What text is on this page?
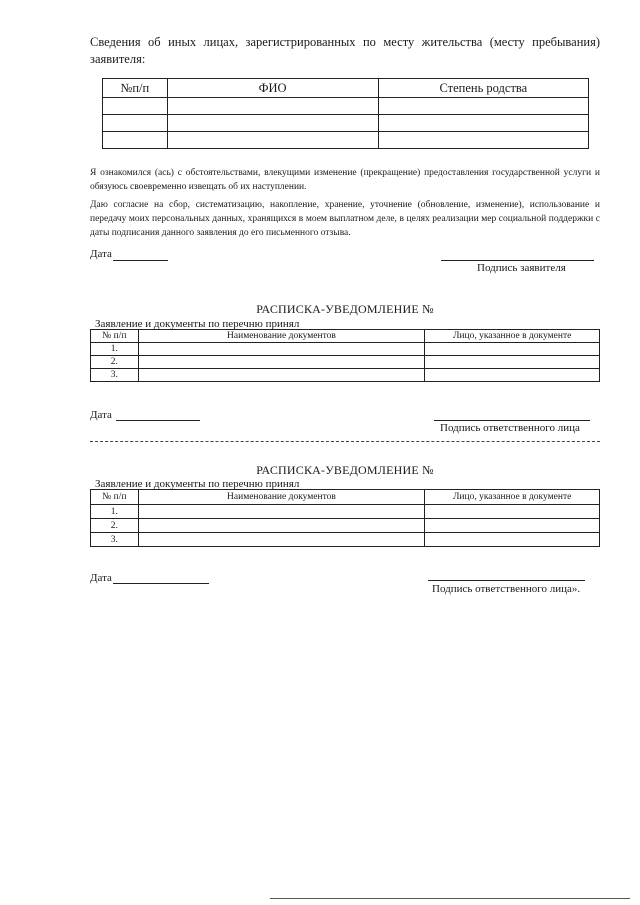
Сведения об иных лицах, зарегистрированных по месту жительства (месту пребывания) заявителя:
№п/п	ФИО	Степень родства

Я ознакомился (ась) с обстоятельствами, влекущими изменение (прекращение) предоставления государственной услуги и обязуюсь своевременно извещать об их наступлении.
Даю согласие на сбор, систематизацию, накопление, хранение, уточнение (обновление, изменение), использование и передачу моих персональных данных, хранящихся в моем выплатном деле, в целях реализации мер социальной поддержки с даты подписания данного заявления до его письменного отзыва.
Дата
Подпись заявителя
РАСПИСКА-УВЕДОМЛЕНИЕ №
Заявление и документы по перечню принял
№ п/п	Наименование документов	Лицо, указанное в документе
1.		
2.		
3.		
Дата
Подпись ответственного лица
РАСПИСКА-УВЕДОМЛЕНИЕ №
Заявление и документы по перечню принял
№ п/п	Наименование документов	Лицо, указанное в документе
1.		
2.		
3.		
Дата
Подпись ответственного лица».
